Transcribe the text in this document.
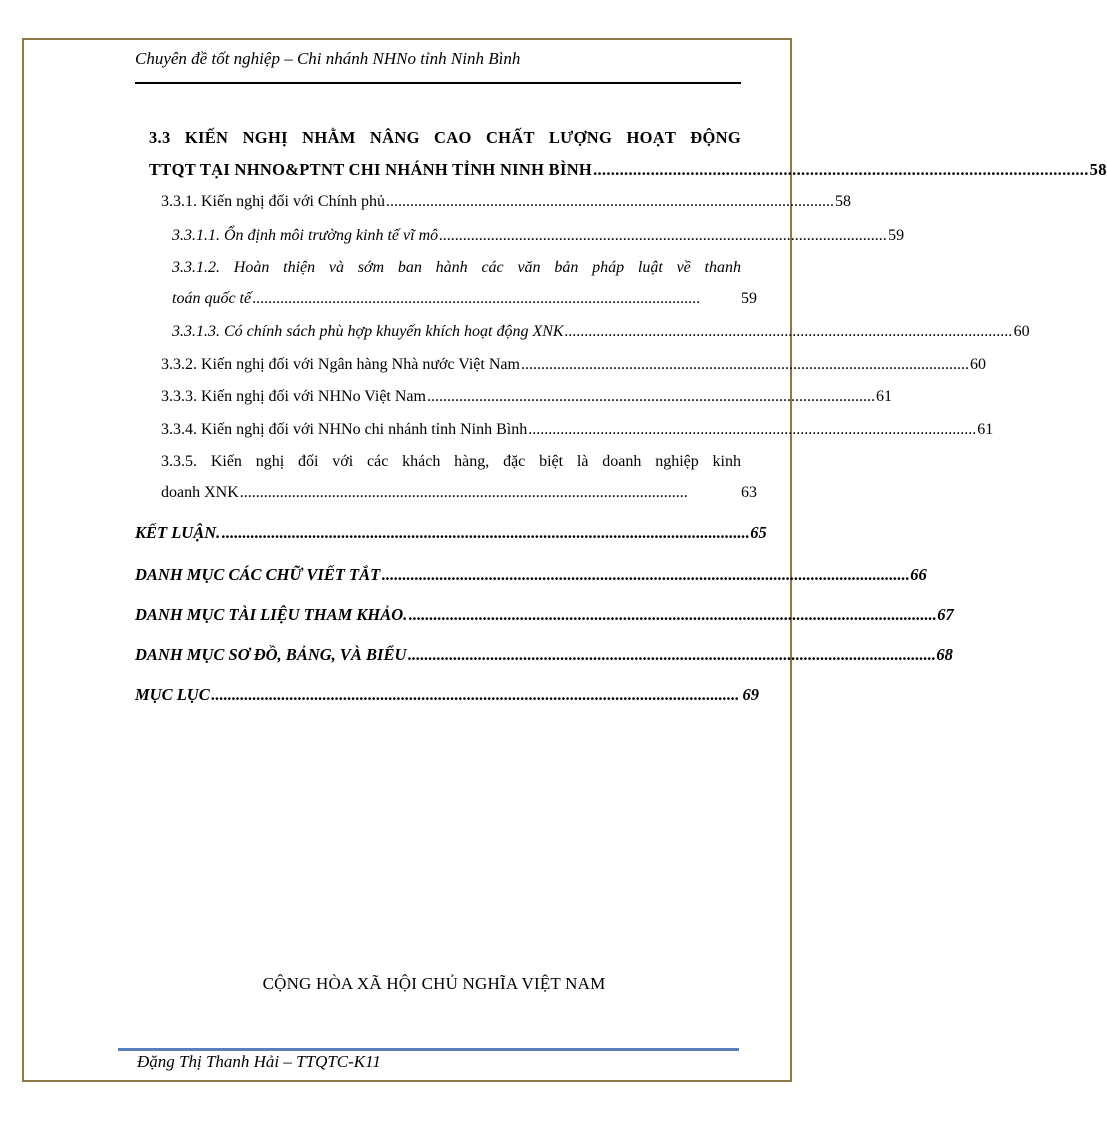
Chuyên đề tốt nghiệp – Chi nhánh NHNo tỉnh Ninh Bình
3.3 KIẾN NGHỊ NHẰM NÂNG CAO CHẤT LƯỢNG HOẠT ĐỘNG
TTQT TẠI NHNO&PTNT CHI NHÁNH TỈNH NINH BÌNH ................................................................................................................ 58
3.3.1. Kiến nghị đối với Chính phủ ................................................................................................................ 58
3.3.1.1. Ổn định môi trường kinh tế vĩ mô ................................................................................................................ 59
3.3.1.2. Hoàn thiện và sớm ban hành các văn bản pháp luật về thanh
toán quốc tế ................................................................................................................	59
3.3.1.3. Có chính sách phù hợp khuyến khích hoạt động XNK ................................................................................................................ 60
3.3.2. Kiến nghị đối với Ngân hàng Nhà nước Việt Nam ................................................................................................................ 60
3.3.3. Kiến nghị đối với NHNo Việt Nam ................................................................................................................ 61
3.3.4. Kiến nghị đối với NHNo chi nhánh tỉnh Ninh Bình ................................................................................................................ 61
3.3.5. Kiến nghị đối với các khách hàng, đặc biệt là doanh nghiệp kinh
doanh XNK ................................................................................................................	63
KẾT LUẬN. ................................................................................................................................ 65
DANH MỤC CÁC CHỮ VIẾT TẮT ................................................................................................................................ 66
DANH MỤC TÀI LIỆU THAM KHẢO. ................................................................................................................................ 67
DANH MỤC SƠ ĐỒ, BẢNG, VÀ BIỂU ................................................................................................................................ 68
MỤC LỤC ................................................................................................................................ 69
CỘNG HÒA XÃ HỘI CHỦ NGHĨA VIỆT NAM
Đặng Thị Thanh Hải – TTQTC-K11
